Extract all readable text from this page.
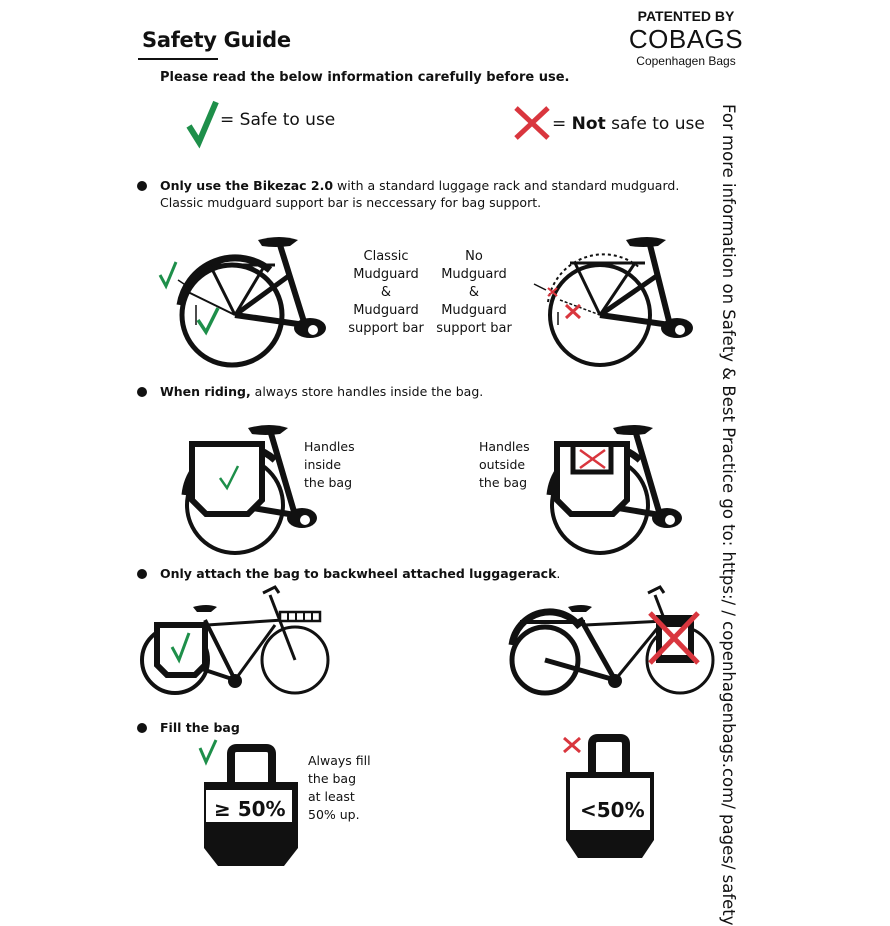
Safety Guide
PATENTED BY
COBAGS
Copenhagen Bags
Please read the below information carefully before use.
= Safe to use	= Not safe to use For more information on Safety & Best Practice go to: https:/ / copenhagenbags.com/ pages/ safety
Only use the Bikezac 2.0 with a standard luggage rack and standard mudguard.
Classic mudguard support bar is neccessary for bag support.
Classic
Mudguard
&
Mudguard
support bar
No
Mudguard
&
Mudguard
support bar
When riding, always store handles inside the bag.
Handles
inside
the bag
Handles
outside
the bag
Only attach the bag to backwheel attached luggagerack.
Fill the bag
≥ 50%
Always fill
the bag
at least
50% up.	<50%
